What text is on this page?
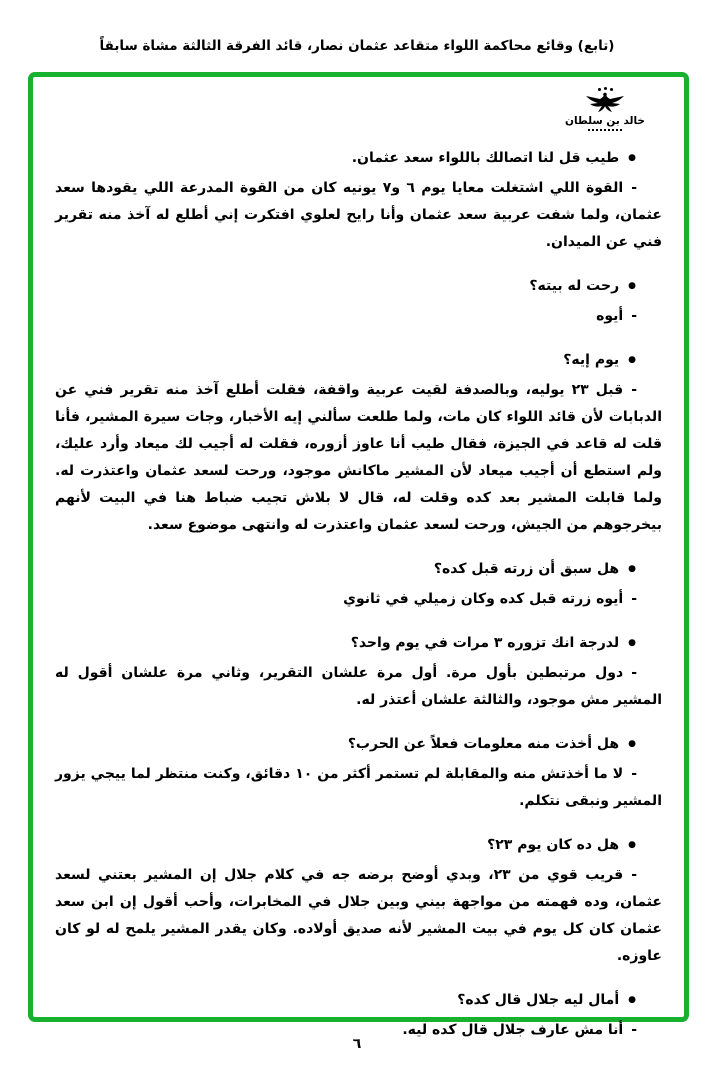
(تابع) وقائع محاكمة اللواء متقاعد عثمان نصار، قائد الفرقة الثالثة مشاة سابقاً
خالد بن سلطان

●طيب قل لنا اتصالك باللواء سعد عثمان.

-القوة اللي اشتغلت معايا يوم ٦ و٧ يونيه كان من القوة المدرعة اللي يقودها سعد عثمان، ولما شفت عربية سعد عثمان وأنا رايح لعلوي افتكرت إني أطلع له آخذ منه تقرير فني عن الميدان.

●رحت له بيته؟

-أيوه

●يوم إيه؟

-قبل ٢٣ يوليه، وبالصدفة لقيت عربية واقفة، فقلت أطلع آخذ منه تقرير فني عن الدبابات لأن قائد اللواء كان مات، ولما طلعت سألني إيه الأخبار، وجات سيرة المشير، فأنا قلت له قاعد في الجيزة، فقال طيب أنا عاوز أزوره، فقلت له أجيب لك ميعاد وأرد عليك، ولم استطع أن أجيب ميعاد لأن المشير ماكانش موجود، ورحت لسعد عثمان واعتذرت له. ولما قابلت المشير بعد كده وقلت له، قال لا بلاش تجيب ضباط هنا في البيت لأنهم بيخرجوهم من الجيش، ورحت لسعد عثمان واعتذرت له وانتهى موضوع سعد.

●هل سبق أن زرته قبل كده؟

-أيوه زرته قبل كده وكان زميلي في ثانوي

●لدرجة انك تزوره ٣ مرات في يوم واحد؟

-دول مرتبطين بأول مرة. أول مرة علشان التقرير، وثاني مرة علشان أقول له المشير مش موجود، والثالثة علشان أعتذر له.

●هل أخذت منه معلومات فعلاً عن الحرب؟

-لا ما أخذتش منه والمقابلة لم تستمر أكثر من ١٠ دقائق، وكنت منتظر لما ييجي يزور المشير ونبقى نتكلم.

●هل ده كان يوم ٢٣؟

-قريب قوي من ٢٣، وبدي أوضح برضه جه في كلام جلال إن المشير بعتني لسعد عثمان، وده فهمته من مواجهة بيني وبين جلال في المخابرات، وأحب أقول إن ابن سعد عثمان كان كل يوم في بيت المشير لأنه صديق أولاده. وكان يقدر المشير يلمح له لو كان عاوزه.

●أمال ليه جلال قال كده؟

-أنا مش عارف جلال قال كده ليه.

٦
